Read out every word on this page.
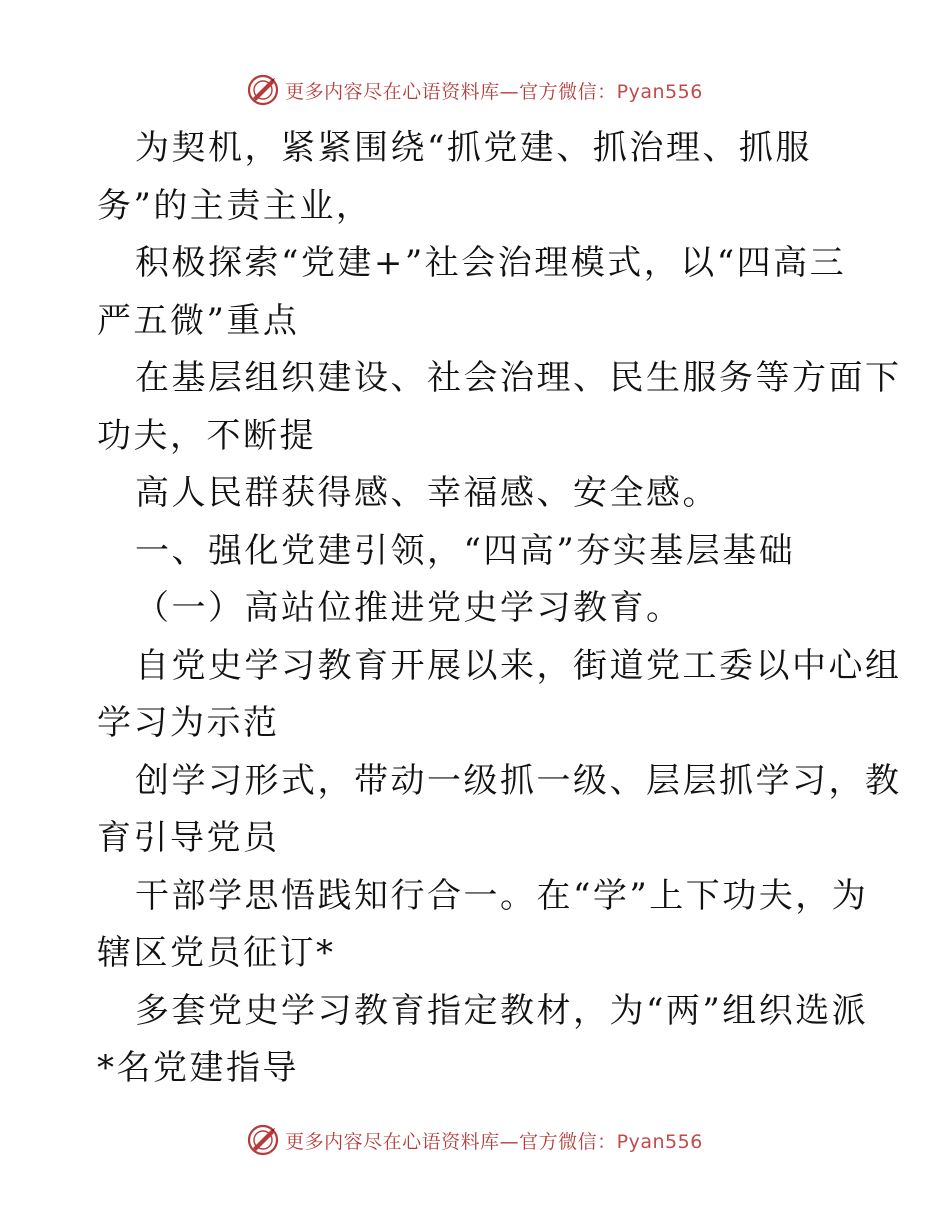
更多内容尽在心语资料库—官方微信：Pyan556
为契机，紧紧围绕“抓党建、抓治理、抓服
务”的主责主业，
积极探索“党建+”社会治理模式，以“四高三
严五微”重点
在基层组织建设、社会治理、民生服务等方面下
功夫，不断提
高人民群获得感、幸福感、安全感。
一、强化党建引领，“四高”夯实基层基础
（一）高站位推进党史学习教育。
自党史学习教育开展以来，街道党工委以中心组
学习为示范
创学习形式，带动一级抓一级、层层抓学习，教
育引导党员
干部学思悟践知行合一。在“学”上下功夫，为
辖区党员征订*
多套党史学习教育指定教材，为“两”组织选派
*名党建指导
更多内容尽在心语资料库—官方微信：Pyan556
